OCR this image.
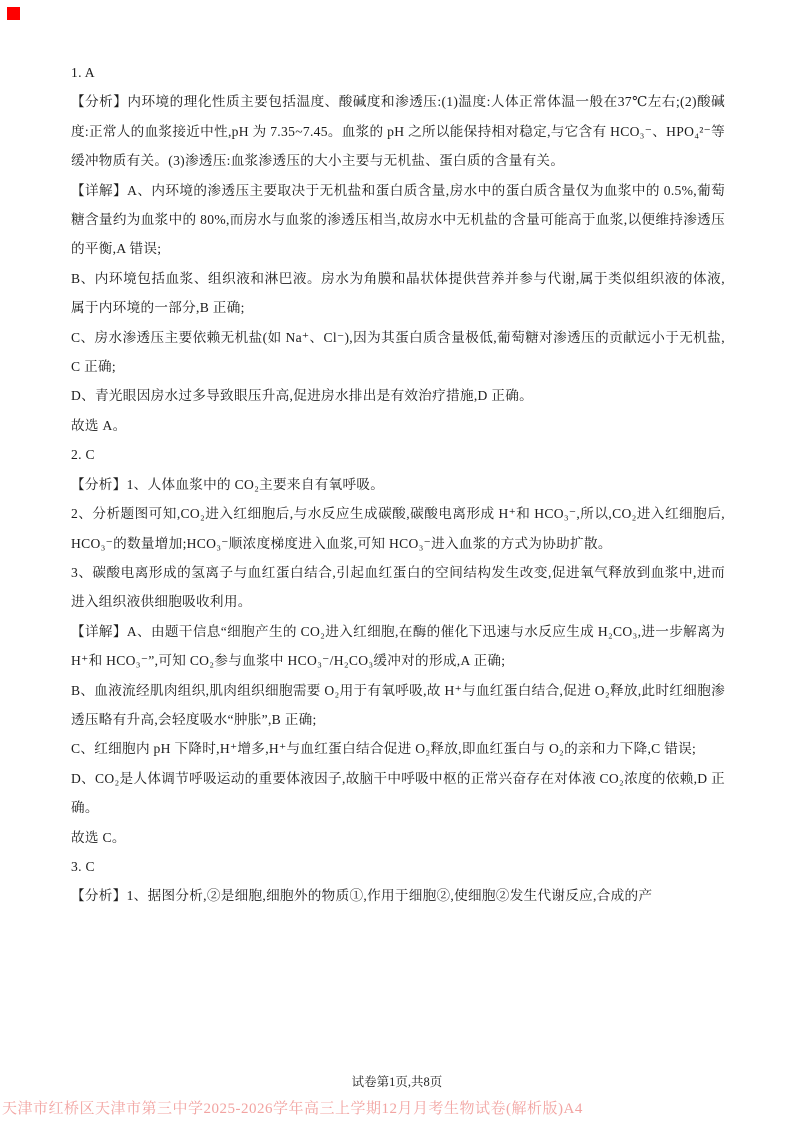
1. A

【分析】内环境的理化性质主要包括温度、酸碱度和渗透压:(1)温度:人体正常体温一般在37℃左右;(2)酸碱度:正常人的血浆接近中性,pH 为 7.35~7.45。血浆的 pH 之所以能保持相对稳定,与它含有 HCO₃⁻、HPO₄²⁻等缓冲物质有关。(3)渗透压:血浆渗透压的大小主要与无机盐、蛋白质的含量有关。

【详解】A、内环境的渗透压主要取决于无机盐和蛋白质含量,房水中的蛋白质含量仅为血浆中的 0.5%,葡萄糖含量约为血浆中的 80%,而房水与血浆的渗透压相当,故房水中无机盐的含量可能高于血浆,以便维持渗透压的平衡,A 错误;

B、内环境包括血浆、组织液和淋巴液。房水为角膜和晶状体提供营养并参与代谢,属于类似组织液的体液,属于内环境的一部分,B 正确;

C、房水渗透压主要依赖无机盐(如 Na⁺、Cl⁻),因为其蛋白质含量极低,葡萄糖对渗透压的贡献远小于无机盐,C 正确;

D、青光眼因房水过多导致眼压升高,促进房水排出是有效治疗措施,D 正确。

故选 A。

2. C

【分析】1、人体血浆中的 CO₂主要来自有氧呼吸。

2、分析题图可知,CO₂进入红细胞后,与水反应生成碳酸,碳酸电离形成 H⁺和 HCO₃⁻,所以,CO₂进入红细胞后,HCO₃⁻的数量增加;HCO₃⁻顺浓度梯度进入血浆,可知 HCO₃⁻进入血浆的方式为协助扩散。

3、碳酸电离形成的氢离子与血红蛋白结合,引起血红蛋白的空间结构发生改变,促进氧气释放到血浆中,进而进入组织液供细胞吸收利用。

【详解】A、由题干信息“细胞产生的 CO₂进入红细胞,在酶的催化下迅速与水反应生成 H₂CO₃,进一步解离为 H⁺和 HCO₃⁻”,可知 CO₂参与血浆中 HCO₃⁻/H₂CO₃缓冲对的形成,A 正确;

B、血液流经肌肉组织,肌肉组织细胞需要 O₂用于有氧呼吸,故 H⁺与血红蛋白结合,促进 O₂释放,此时红细胞渗透压略有升高,会轻度吸水“肿胀”,B 正确;

C、红细胞内 pH 下降时,H⁺增多,H⁺与血红蛋白结合促进 O₂释放,即血红蛋白与 O₂的亲和力下降,C 错误;

D、CO₂是人体调节呼吸运动的重要体液因子,故脑干中呼吸中枢的正常兴奋存在对体液 CO₂浓度的依赖,D 正确。

故选 C。

3. C

【分析】1、据图分析,②是细胞,细胞外的物质①,作用于细胞②,使细胞②发生代谢反应,合成的产

试卷第1页,共8页
天津市红桥区天津市第三中学2025-2026学年高三上学期12月月考生物试卷(解析版)A4
